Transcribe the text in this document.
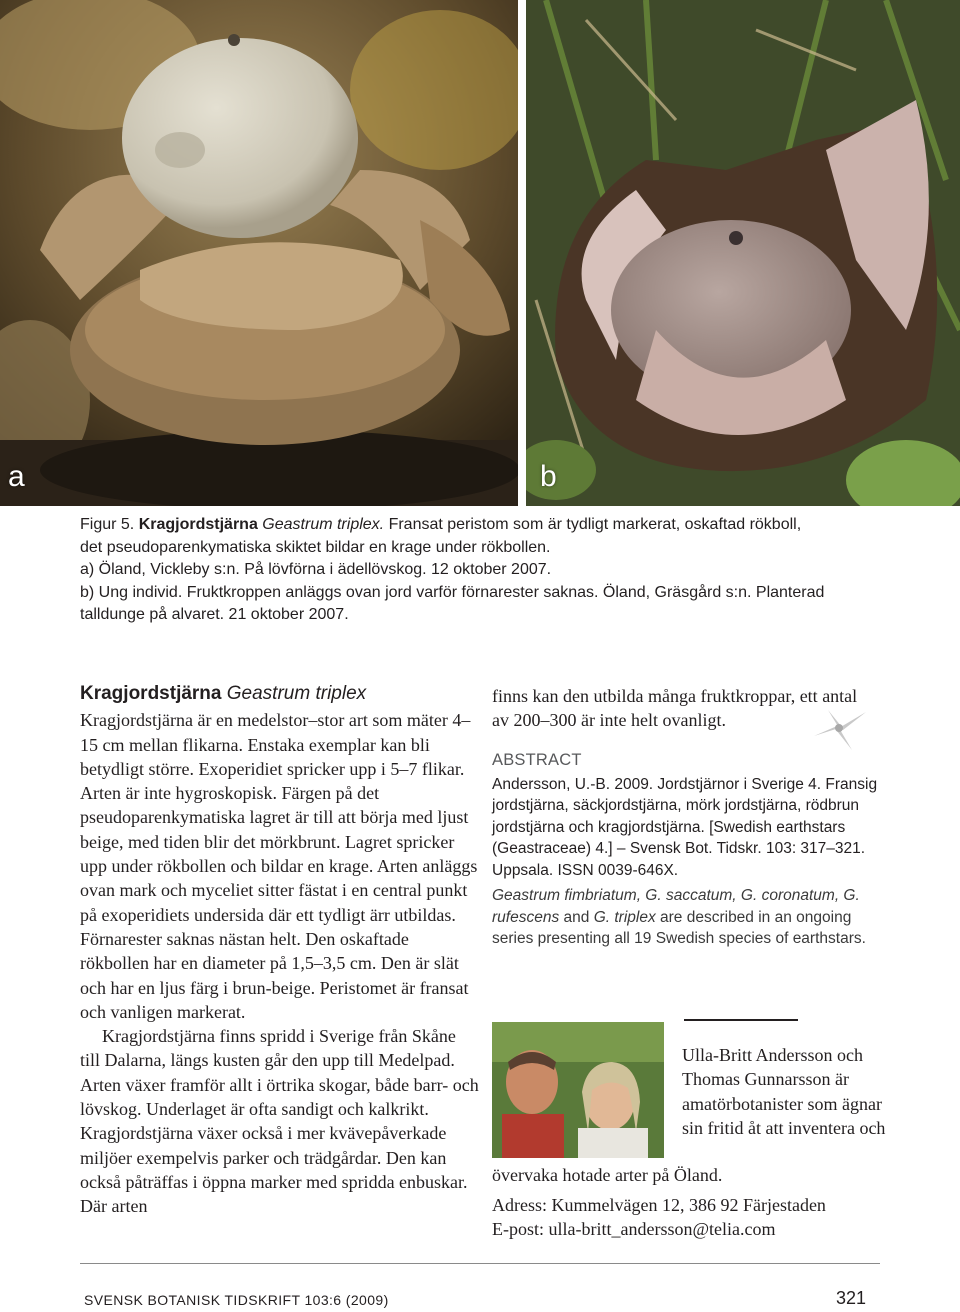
a	b

Figur 5. Kragjordstjärna Geastrum triplex. Fransat peristom som är tydligt markerat, oskaftad rökboll,

det pseudoparenkymatiska skiktet bildar en krage under rökbollen.

a) Öland, Vickleby s:n. På lövförna i ädellövskog. 12 oktober 2007.

b) Ung individ. Fruktkroppen anläggs ovan jord varför förnarester saknas. Öland, Gräsgård s:n. Planterad

talldunge på alvaret. 21 oktober 2007.

Kragjordstjärna Geastrum triplex

Kragjordstjärna är en medelstor–stor art som mäter 4–15 cm mellan flikarna. Enstaka exemplar kan bli betydligt större. Exoperidiet spricker upp i 5–7 flikar. Arten är inte hygroskopisk. Färgen på det pseudoparenkymatiska lagret är till att börja med ljust beige, med tiden blir det mörkbrunt. Lagret spricker upp under rökbollen och bildar en krage. Arten anläggs ovan mark och myceliet sitter fästat i en central punkt på exoperidiets undersida där ett tydligt ärr utbildas. Förnarester saknas nästan helt. Den oskaftade rökbollen har en diameter på 1,5–3,5 cm. Den är slät och har en ljus färg i brun-beige. Peristomet är fransat och vanligen markerat.

Kragjordstjärna finns spridd i Sverige från Skåne till Dalarna, längs kusten går den upp till Medelpad. Arten växer framför allt i örtrika skogar, både barr- och lövskog. Underlaget är ofta sandigt och kalkrikt. Kragjordstjärna växer också i mer kvävepåverkade miljöer exempelvis parker och trädgårdar. Den kan också påträffas i öppna marker med spridda enbuskar. Där arten

finns kan den utbilda många fruktkroppar, ett antal av 200–300 är inte helt ovanligt.

ABSTRACT

Andersson, U.-B. 2009. Jordstjärnor i Sverige 4. Fransig jordstjärna, säckjordstjärna, mörk jordstjärna, rödbrun jordstjärna och kragjordstjärna. [Swedish earthstars (Geastraceae) 4.] – Svensk Bot. Tidskr. 103: 317–321. Uppsala. ISSN 0039-646X.

Geastrum fimbriatum, G. saccatum, G. coronatum, G. rufescens and G. triplex are described in an ongoing series presenting all 19 Swedish species of earthstars.

Ulla-Britt Andersson och Thomas Gunnarsson är amatörbotanister som ägnar sin fritid åt att inventera och

övervaka hotade arter på Öland.

Adress: Kummelvägen 12, 386 92 Färjestaden
E-post: ulla-britt_andersson@telia.com
SVENSK BOTANISK TIDSKRIFT 103:6 (2009)	321
